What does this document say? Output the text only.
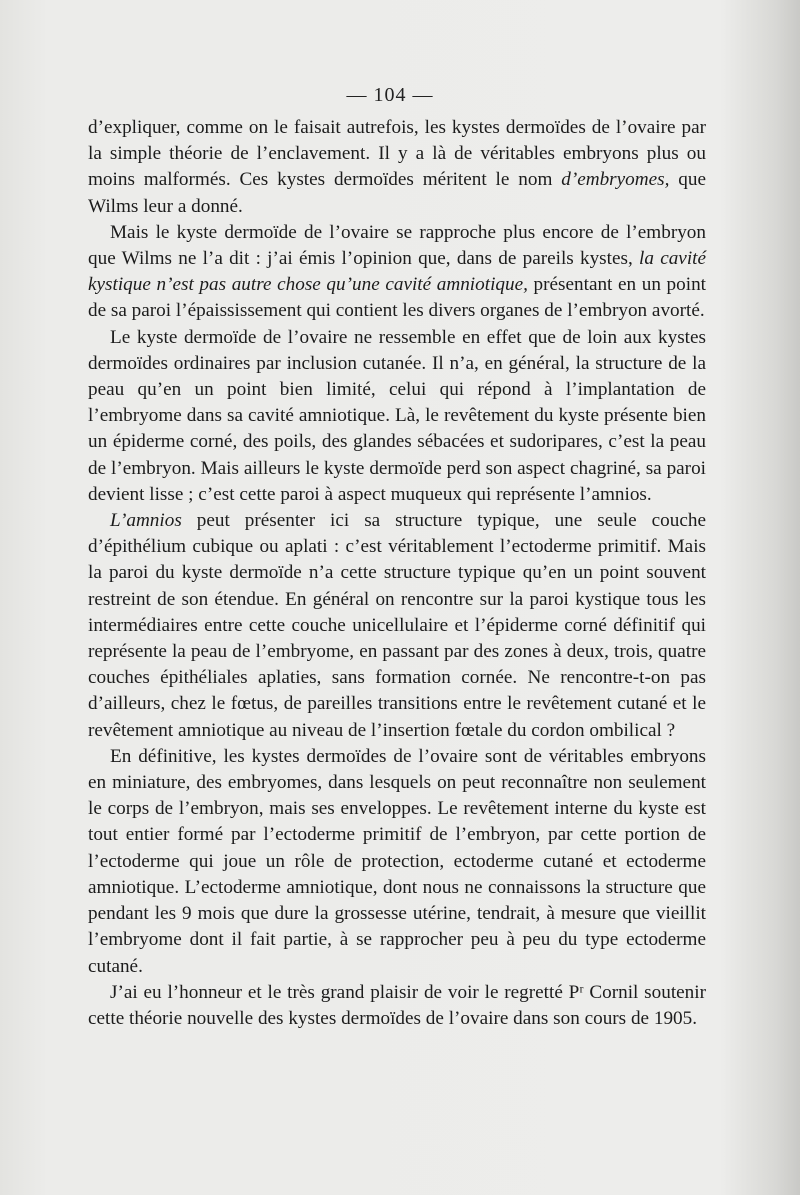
— 104 —

d’expliquer, comme on le faisait autrefois, les kystes dermoïdes de l’ovaire par la simple théorie de l’enclavement. Il y a là de véritables embryons plus ou moins malformés. Ces kystes dermoïdes méritent le nom d’embryomes, que Wilms leur a donné.

Mais le kyste dermoïde de l’ovaire se rapproche plus encore de l’embryon que Wilms ne l’a dit : j’ai émis l’opinion que, dans de pareils kystes, la cavité kystique n’est pas autre chose qu’une cavité amniotique, présentant en un point de sa paroi l’épaississement qui contient les divers organes de l’embryon avorté.

Le kyste dermoïde de l’ovaire ne ressemble en effet que de loin aux kystes dermoïdes ordinaires par inclusion cutanée. Il n’a, en général, la structure de la peau qu’en un point bien limité, celui qui répond à l’implantation de l’embryome dans sa cavité amniotique. Là, le revêtement du kyste présente bien un épiderme corné, des poils, des glandes sébacées et sudoripares, c’est la peau de l’embryon. Mais ailleurs le kyste dermoïde perd son aspect chagriné, sa paroi devient lisse ; c’est cette paroi à aspect muqueux qui représente l’amnios.

L’amnios peut présenter ici sa structure typique, une seule couche d’épithélium cubique ou aplati : c’est véritablement l’ectoderme primitif. Mais la paroi du kyste dermoïde n’a cette structure typique qu’en un point souvent restreint de son étendue. En général on rencontre sur la paroi kystique tous les intermédiaires entre cette couche unicellulaire et l’épiderme corné définitif qui représente la peau de l’embryome, en passant par des zones à deux, trois, quatre couches épithéliales aplaties, sans formation cornée. Ne rencontre-t-on pas d’ailleurs, chez le fœtus, de pareilles transitions entre le revêtement cutané et le revêtement amniotique au niveau de l’insertion fœtale du cordon ombilical ?

En définitive, les kystes dermoïdes de l’ovaire sont de véritables embryons en miniature, des embryomes, dans lesquels on peut reconnaître non seulement le corps de l’embryon, mais ses enveloppes. Le revêtement interne du kyste est tout entier formé par l’ectoderme primitif de l’embryon, par cette portion de l’ectoderme qui joue un rôle de protection, ectoderme cutané et ectoderme amniotique. L’ectoderme amniotique, dont nous ne connaissons la structure que pendant les 9 mois que dure la grossesse utérine, tendrait, à mesure que vieillit l’embryome dont il fait partie, à se rapprocher peu à peu du type ectoderme cutané.

J’ai eu l’honneur et le très grand plaisir de voir le regretté Pʳ Cornil soutenir cette théorie nouvelle des kystes dermoïdes de l’ovaire dans son cours de 1905.
